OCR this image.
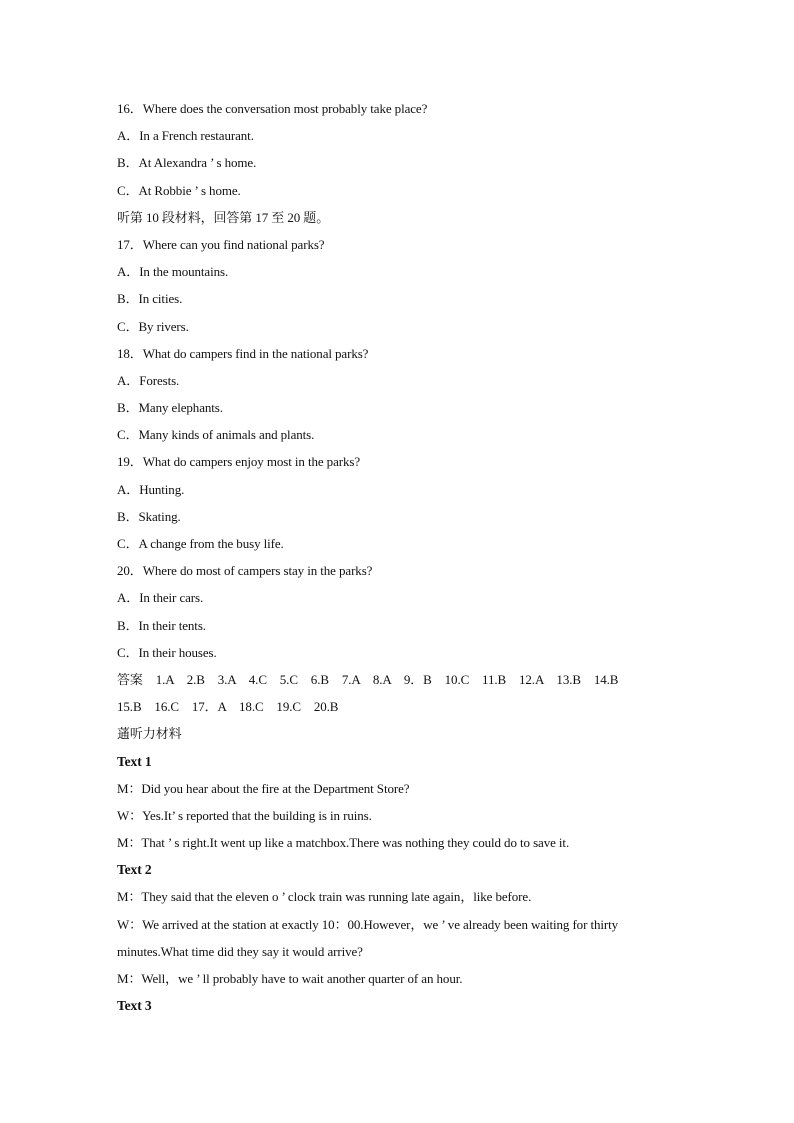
16．Where does the conversation most probably take place?
A．In a French restaurant.
B．At Alexandra ’ s home.
C．At Robbie ’ s home.
听第 10 段材料，回答第 17 至 20 题。
17．Where can you find national parks?
A．In the mountains.
B．In cities.
C．By rivers.
18．What do campers find in the national parks?
A．Forests.
B．Many elephants.
C．Many kinds of animals and plants.
19．What do campers enjoy most in the parks?
A．Hunting.
B．Skating.
C．A change from the busy life.
20．Where do most of campers stay in the parks?
A．In their cars.
B．In their tents.
C．In their houses.
答案　1.A　2.B　3.A　4.C　5.C　6.B　7.A　8.A　9．B　10.C　11.B　12.A　13.B　14.B
15.B　16.C　17．A　18.C　19.C　20.B
蓪听力材料
Text 1
M：Did you hear about the fire at the Department Store?
W：Yes.It’ s reported that the building is in ruins.
M：That ’ s right.It went up like a matchbox.There was nothing they could do to save it.
Text 2
M：They said that the eleven o ’ clock train was running late again，like before.
W：We arrived at the station at exactly 10：00.However，we ’ ve already been waiting for thirty
minutes.What time did they say it would arrive?
M：Well，we ’ ll probably have to wait another quarter of an hour.
Text 3
